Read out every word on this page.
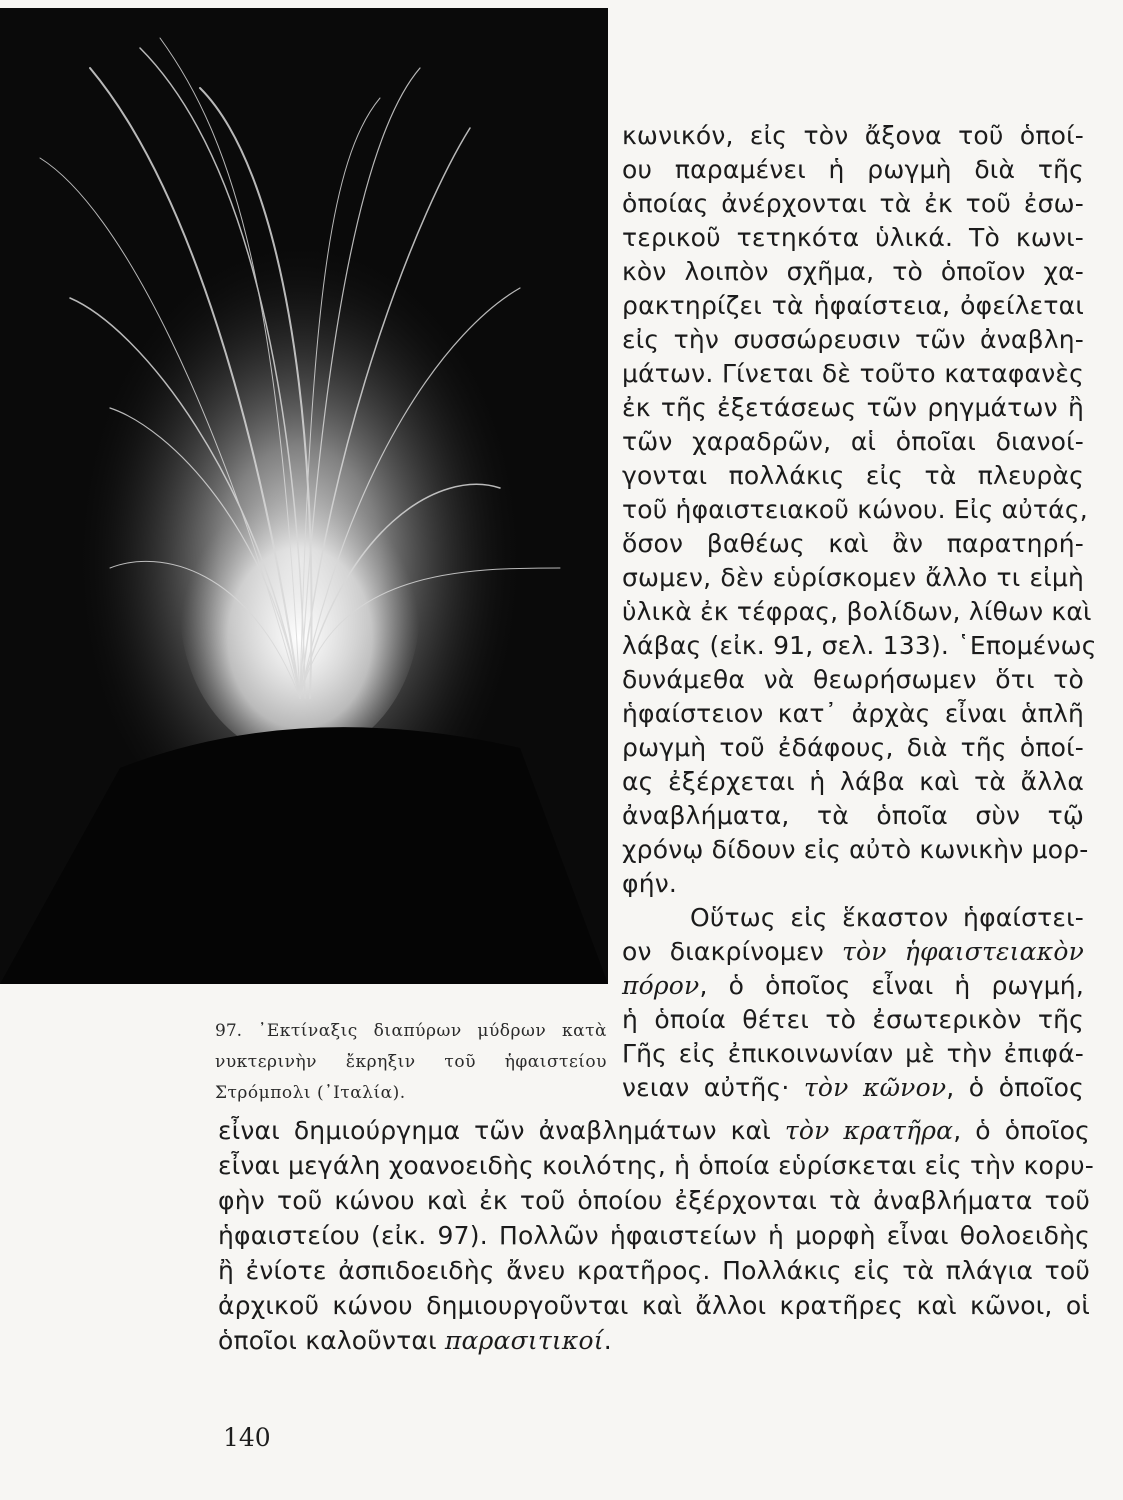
97. ᾿Εκτίναξις διαπύρων μύδρων κατὰ νυκτερινὴν ἔκρηξιν τοῦ ἡφαιστείου Στρόμπολι (᾿Ιταλία).
κωνικόν, εἰς τὸν ἄξονα τοῦ ὁποί-
ου παραμένει ἡ ρωγμὴ διὰ τῆς
ὁποίας ἀνέρχονται τὰ ἐκ τοῦ ἐσω-
τερικοῦ τετηκότα ὑλικά. Τὸ κωνι-
κὸν λοιπὸν σχῆμα, τὸ ὁποῖον χα-
ρακτηρίζει τὰ ἡφαίστεια, ὀφείλεται
εἰς τὴν συσσώρευσιν τῶν ἀναβλη-
μάτων. Γίνεται δὲ τοῦτο καταφανὲς
ἐκ τῆς ἐξετάσεως τῶν ρηγμάτων ἢ
τῶν χαραδρῶν, αἱ ὁποῖαι διανοί-
γονται πολλάκις εἰς τὰ πλευρὰς
τοῦ ἡφαιστειακοῦ κώνου. Εἰς αὐτάς,
ὅσον βαθέως καὶ ἂν παρατηρή-
σωμεν, δὲν εὑρίσκομεν ἄλλο τι εἰμὴ
ὑλικὰ ἐκ τέφρας, βολίδων, λίθων καὶ
λάβας (εἰκ. 91, σελ. 133). ῾Επομένως
δυνάμεθα νὰ θεωρήσωμεν ὅτι τὸ
ἡφαίστειον κατ᾿ ἀρχὰς εἶναι ἁπλῆ
ρωγμὴ τοῦ ἐδάφους, διὰ τῆς ὁποί-
ας ἐξέρχεται ἡ λάβα καὶ τὰ ἄλλα
ἀναβλήματα, τὰ ὁποῖα σὺν τῷ
χρόνῳ δίδουν εἰς αὐτὸ κωνικὴν μορ-
φήν.
Οὕτως εἰς ἕκαστον ἡφαίστει-
ον διακρίνομεν τὸν ἡφαιστειακὸν
πόρον, ὁ ὁποῖος εἶναι ἡ ρωγμή,
ἡ ὁποία θέτει τὸ ἐσωτερικὸν τῆς
Γῆς εἰς ἐπικοινωνίαν μὲ τὴν ἐπιφά-
νειαν αὐτῆς· τὸν κῶνον, ὁ ὁποῖος
εἶναι δημιούργημα τῶν ἀναβλημάτων καὶ τὸν κρατῆρα, ὁ ὁποῖος
εἶναι μεγάλη χοανοειδὴς κοιλότης, ἡ ὁποία εὑρίσκεται εἰς τὴν κορυ-
φὴν τοῦ κώνου καὶ ἐκ τοῦ ὁποίου ἐξέρχονται τὰ ἀναβλήματα τοῦ
ἡφαιστείου (εἰκ. 97). Πολλῶν ἡφαιστείων ἡ μορφὴ εἶναι θολοειδὴς
ἢ ἐνίοτε ἀσπιδοειδὴς ἄνευ κρατῆρος. Πολλάκις εἰς τὰ πλάγια τοῦ
ἀρχικοῦ κώνου δημιουργοῦνται καὶ ἄλλοι κρατῆρες καὶ κῶνοι, οἱ
ὁποῖοι καλοῦνται παρασιτικοί.
140
